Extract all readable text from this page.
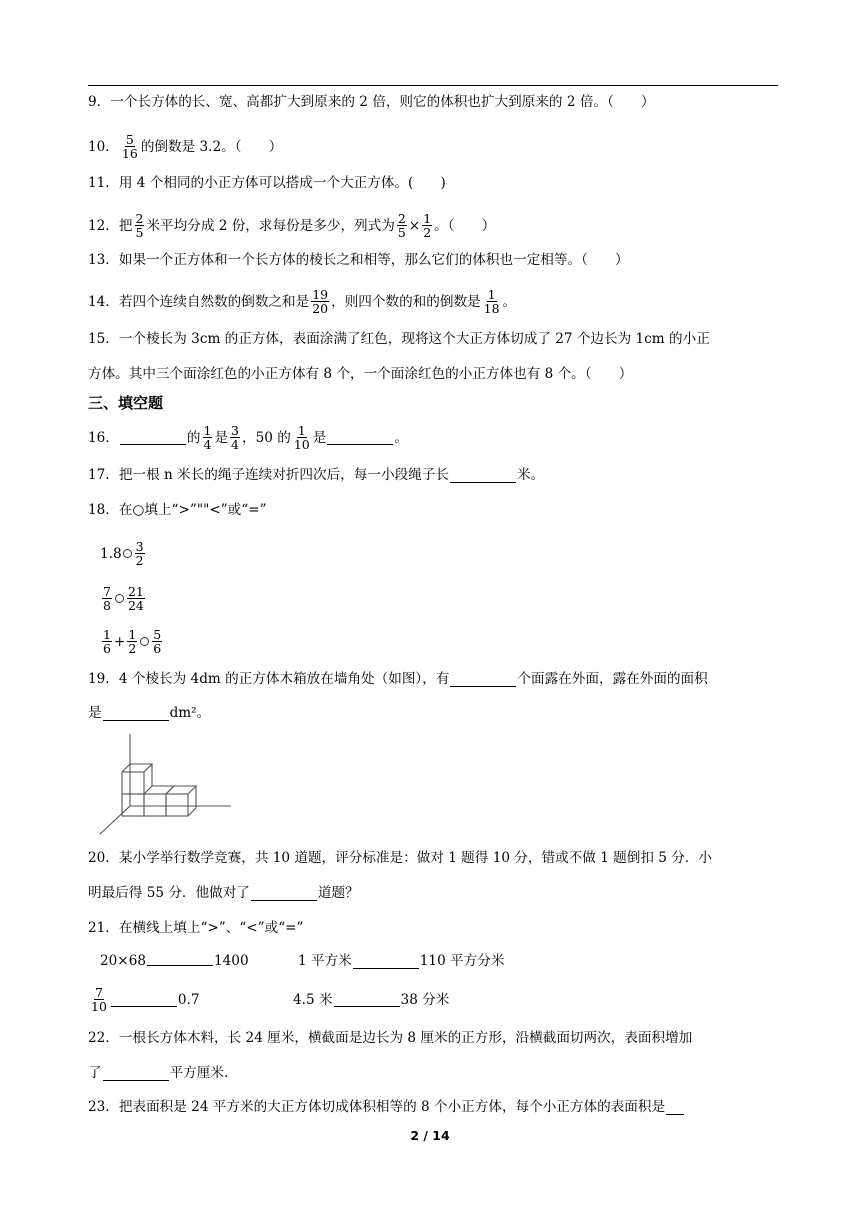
9．一个长方体的长、宽、高都扩大到原来的 2 倍，则它的体积也扩大到原来的 2 倍。（　　）
10． $\frac{5}{16}$ 的倒数是 3.2。（　　）
11．用 4 个相同的小正方体可以搭成一个大正方体。(　　)
12．把 $\frac{2}{5}$ 米平均分成 2 份，求每份是多少，列式为 $\frac{2}{5} \times \frac{1}{2}$ 。（　　）
13．如果一个正方体和一个长方体的棱长之和相等，那么它们的体积也一定相等。（　　）
14．若四个连续自然数的倒数之和是 $\frac{19}{20}$ ，则四个数的和的倒数是 $\frac{1}{18}$ 。
15．一个棱长为 3cm 的正方体，表面涂满了红色，现将这个大正方体切成了 27 个边长为 1cm 的小正
方体。其中三个面涂红色的小正方体有 8 个，一个面涂红色的小正方体也有 8 个。（　　）
三、填空题
16．	的 $\frac{1}{4}$ 是 $\frac{3}{4}$ ，50 的 $\frac{1}{10}$ 是	。
17．把一根 n 米长的绳子连续对折四次后，每一小段绳子长	米。
18．在○填上“>”""<”或“=”
$1.8 \frac{3}{2}$
$\frac{7}{8} \frac{21}{24}$
$\frac{1}{6} + \frac{1}{2} \frac{5}{6}$
19．4 个棱长为 4dm 的正方体木箱放在墙角处（如图），有	个面露在外面，露在外面的面积
是	dm²。
20．某小学举行数学竞赛，共 10 道题，评分标准是：做对 1 题得 10 分，错或不做 1 题倒扣 5 分．小
明最后得 55 分．他做对了	道题？
21．在横线上填上“>”、“<”或“=”
20×68	1400	1 平方米	110 平方分米
$\frac{7}{10}$	0.7	4.5 米	38 分米
22．一根长方体木料，长 24 厘米，横截面是边长为 8 厘米的正方形，沿横截面切两次，表面积增加
了	平方厘米.
23．把表面积是 24 平方米的大正方体切成体积相等的 8 个小正方体，每个小正方体的表面积是
2 / 14
